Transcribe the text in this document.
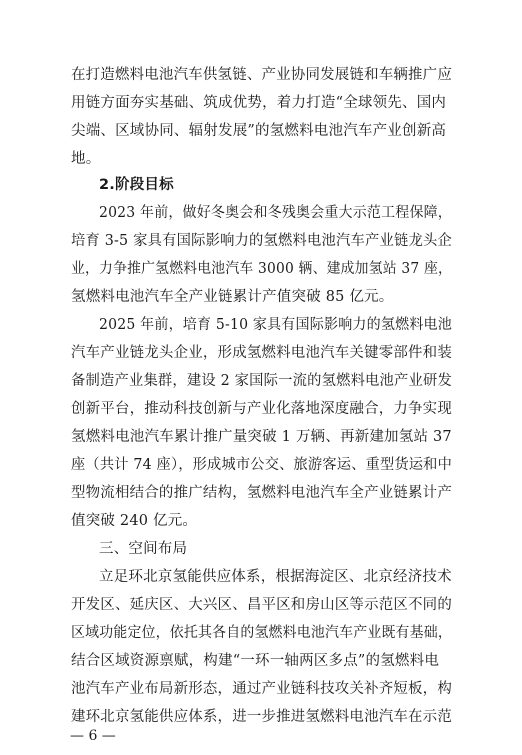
在打造燃料电池汽车供氢链、产业协同发展链和车辆推广应
用链方面夯实基础、筑成优势，着力打造“全球领先、国内
尖端、区域协同、辐射发展”的氢燃料电池汽车产业创新高
地。
2.阶段目标
2023 年前，做好冬奥会和冬残奥会重大示范工程保障，
培育 3-5 家具有国际影响力的氢燃料电池汽车产业链龙头企
业，力争推广氢燃料电池汽车 3000 辆、建成加氢站 37 座，
氢燃料电池汽车全产业链累计产值突破 85 亿元。
2025 年前，培育 5-10 家具有国际影响力的氢燃料电池
汽车产业链龙头企业，形成氢燃料电池汽车关键零部件和装
备制造产业集群，建设 2 家国际一流的氢燃料电池产业研发
创新平台，推动科技创新与产业化落地深度融合，力争实现
氢燃料电池汽车累计推广量突破 1 万辆、再新建加氢站 37
座（共计 74 座），形成城市公交、旅游客运、重型货运和中
型物流相结合的推广结构，氢燃料电池汽车全产业链累计产
值突破 240 亿元。
三、空间布局
立足环北京氢能供应体系，根据海淀区、北京经济技术
开发区、延庆区、大兴区、昌平区和房山区等示范区不同的
区域功能定位，依托其各自的氢燃料电池汽车产业既有基础，
结合区域资源禀赋，构建“一环一轴两区多点”的氢燃料电
池汽车产业布局新形态，通过产业链科技攻关补齐短板，构
建环北京氢能供应体系，进一步推进氢燃料电池汽车在示范
— 6 —
